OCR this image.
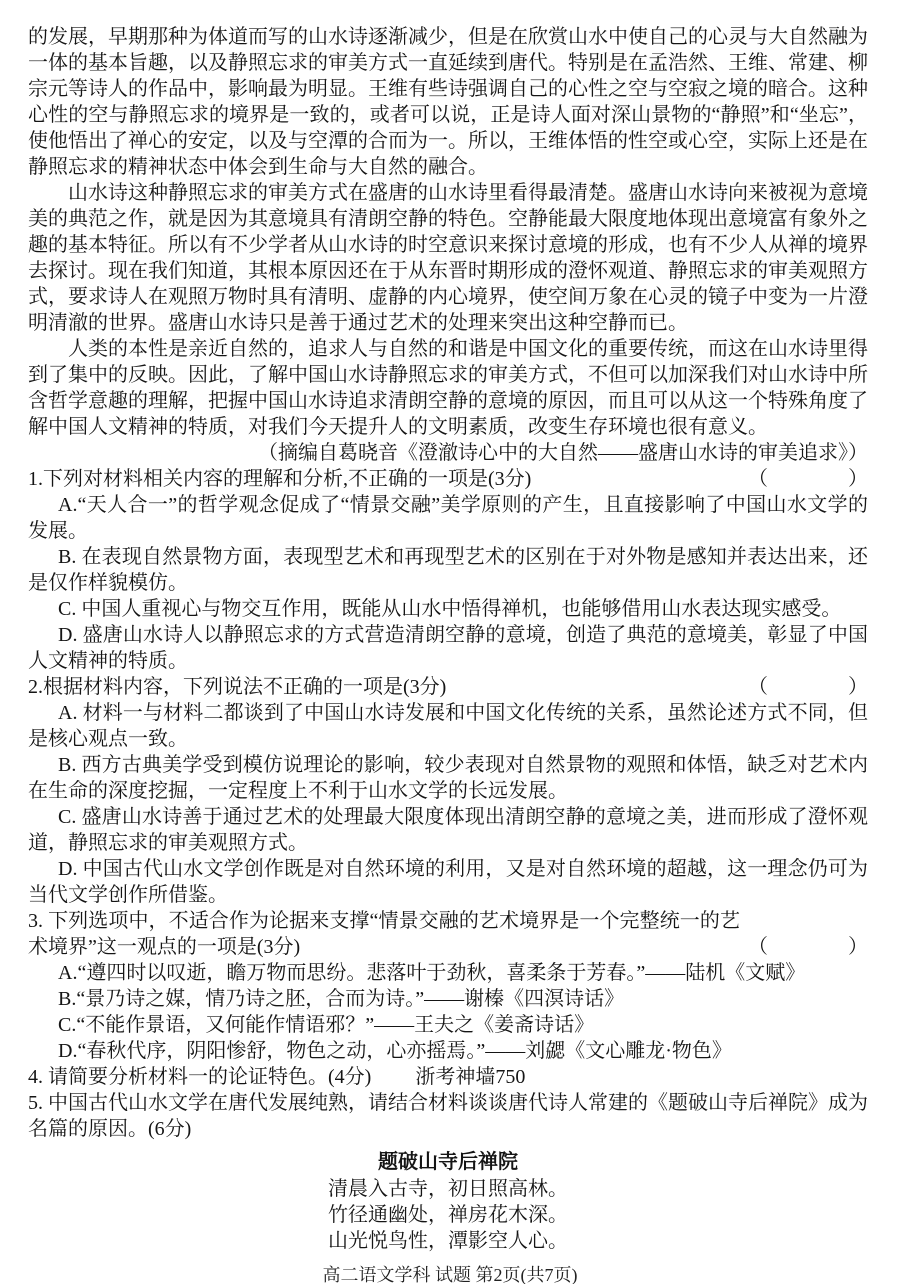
的发展，早期那种为体道而写的山水诗逐渐减少，但是在欣赏山水中使自己的心灵与大自然融为一体的基本旨趣，以及静照忘求的审美方式一直延续到唐代。特别是在孟浩然、王维、常建、柳宗元等诗人的作品中，影响最为明显。王维有些诗强调自己的心性之空与空寂之境的暗合。这种心性的空与静照忘求的境界是一致的，或者可以说，正是诗人面对深山景物的“静照”和“坐忘”，使他悟出了禅心的安定，以及与空潭的合而为一。所以，王维体悟的性空或心空，实际上还是在静照忘求的精神状态中体会到生命与大自然的融合。

山水诗这种静照忘求的审美方式在盛唐的山水诗里看得最清楚。盛唐山水诗向来被视为意境美的典范之作，就是因为其意境具有清朗空静的特色。空静能最大限度地体现出意境富有象外之趣的基本特征。所以有不少学者从山水诗的时空意识来探讨意境的形成，也有不少人从禅的境界去探讨。现在我们知道，其根本原因还在于从东晋时期形成的澄怀观道、静照忘求的审美观照方式，要求诗人在观照万物时具有清明、虚静的内心境界，使空间万象在心灵的镜子中变为一片澄明清澈的世界。盛唐山水诗只是善于通过艺术的处理来突出这种空静而已。

人类的本性是亲近自然的，追求人与自然的和谐是中国文化的重要传统，而这在山水诗里得到了集中的反映。因此，了解中国山水诗静照忘求的审美方式，不但可以加深我们对山水诗中所含哲学意趣的理解，把握中国山水诗追求清朗空静的意境的原因，而且可以从这一个特殊角度了解中国人文精神的特质，对我们今天提升人的文明素质，改变生存环境也很有意义。

（摘编自葛晓音《澄澈诗心中的大自然——盛唐山水诗的审美追求》）

1.下列对材料相关内容的理解和分析,不正确的一项是(3分)	（　　　　）

A.“天人合一”的哲学观念促成了“情景交融”美学原则的产生，且直接影响了中国山水文学的发展。

B. 在表现自然景物方面，表现型艺术和再现型艺术的区别在于对外物是感知并表达出来，还是仅作样貌模仿。

C. 中国人重视心与物交互作用，既能从山水中悟得禅机，也能够借用山水表达现实感受。

D. 盛唐山水诗人以静照忘求的方式营造清朗空静的意境，创造了典范的意境美，彰显了中国人文精神的特质。

2.根据材料内容，下列说法不正确的一项是(3分)	（　　　　）

A. 材料一与材料二都谈到了中国山水诗发展和中国文化传统的关系，虽然论述方式不同，但是核心观点一致。

B. 西方古典美学受到模仿说理论的影响，较少表现对自然景物的观照和体悟，缺乏对艺术内在生命的深度挖掘，一定程度上不利于山水文学的长远发展。

C. 盛唐山水诗善于通过艺术的处理最大限度体现出清朗空静的意境之美，进而形成了澄怀观道，静照忘求的审美观照方式。

D. 中国古代山水文学创作既是对自然环境的利用，又是对自然环境的超越，这一理念仍可为当代文学创作所借鉴。

3. 下列选项中，不适合作为论据来支撑“情景交融的艺术境界是一个完整统一的艺术境界”这一观点的一项是(3分)	（　　　　）

A.“遵四时以叹逝，瞻万物而思纷。悲落叶于劲秋，喜柔条于芳春。”——陆机《文赋》

B.“景乃诗之媒，情乃诗之胚，合而为诗。”——谢榛《四溟诗话》

C.“不能作景语，又何能作情语邪？”——王夫之《姜斋诗话》

D.“春秋代序，阴阳惨舒，物色之动，心亦摇焉。”——刘勰《文心雕龙·物色》

4. 请简要分析材料一的论证特色。(4分) 浙考神墙750

5. 中国古代山水文学在唐代发展纯熟，请结合材料谈谈唐代诗人常建的《题破山寺后禅院》成为名篇的原因。(6分)

题破山寺后禅院

清晨入古寺，初日照高林。

竹径通幽处，禅房花木深。

山光悦鸟性，潭影空人心。

高二语文学科 试题 第2页(共7页)
